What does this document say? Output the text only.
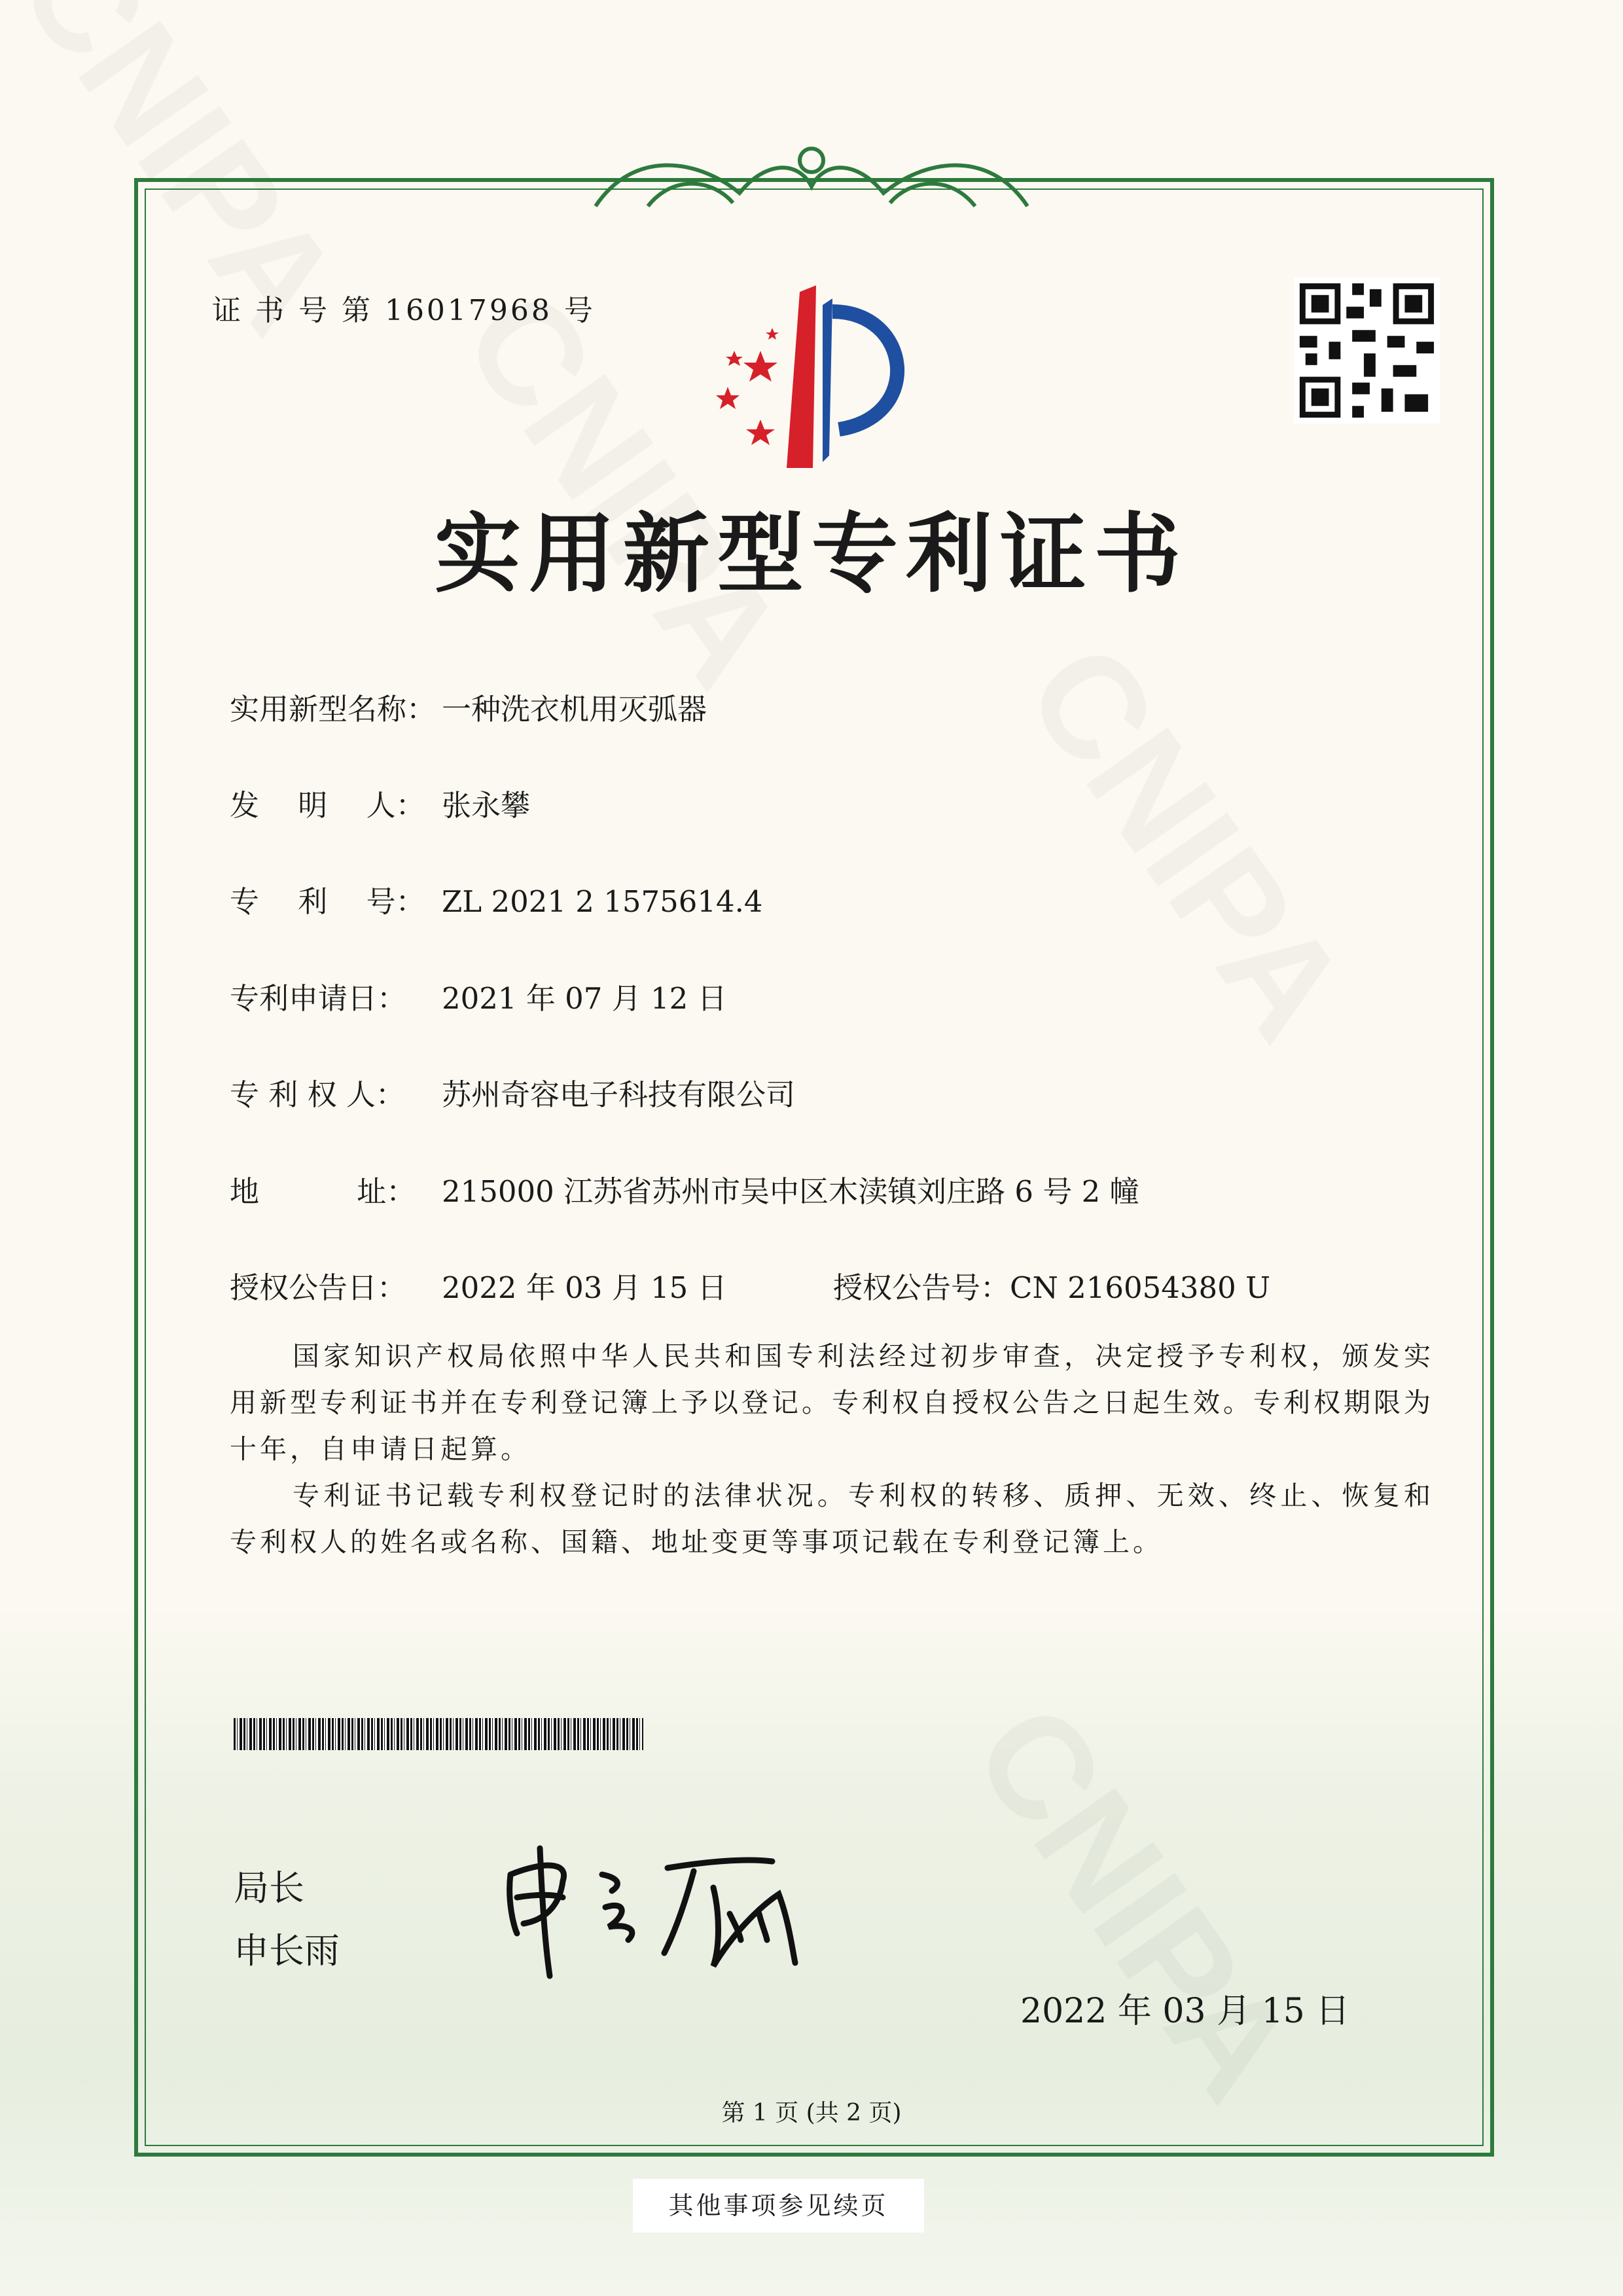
证 书 号 第 16017968 号
实用新型专利证书
实用新型名称： 一种洗衣机用灭弧器
发　 明　 人： 张永攀
专　 利　 号： ZL 2021 2 1575614.4
专利申请日： 2021 年 07 月 12 日
专 利 权 人： 苏州奇容电子科技有限公司
地　　　 址： 215000 江苏省苏州市吴中区木渎镇刘庄路 6 号 2 幢
授权公告日： 2022 年 03 月 15 日	授权公告号：CN 216054380 U

国家知识产权局依照中华人民共和国专利法经过初步审查，决定授予专利权，颁发实用新型专利证书并在专利登记簿上予以登记。专利权自授权公告之日起生效。专利权期限为十年，自申请日起算。

专利证书记载专利权登记时的法律状况。专利权的转移、质押、无效、终止、恢复和专利权人的姓名或名称、国籍、地址变更等事项记载在专利登记簿上。

局长
申长雨
2022 年 03 月 15 日
第 1 页 (共 2 页)
其他事项参见续页
